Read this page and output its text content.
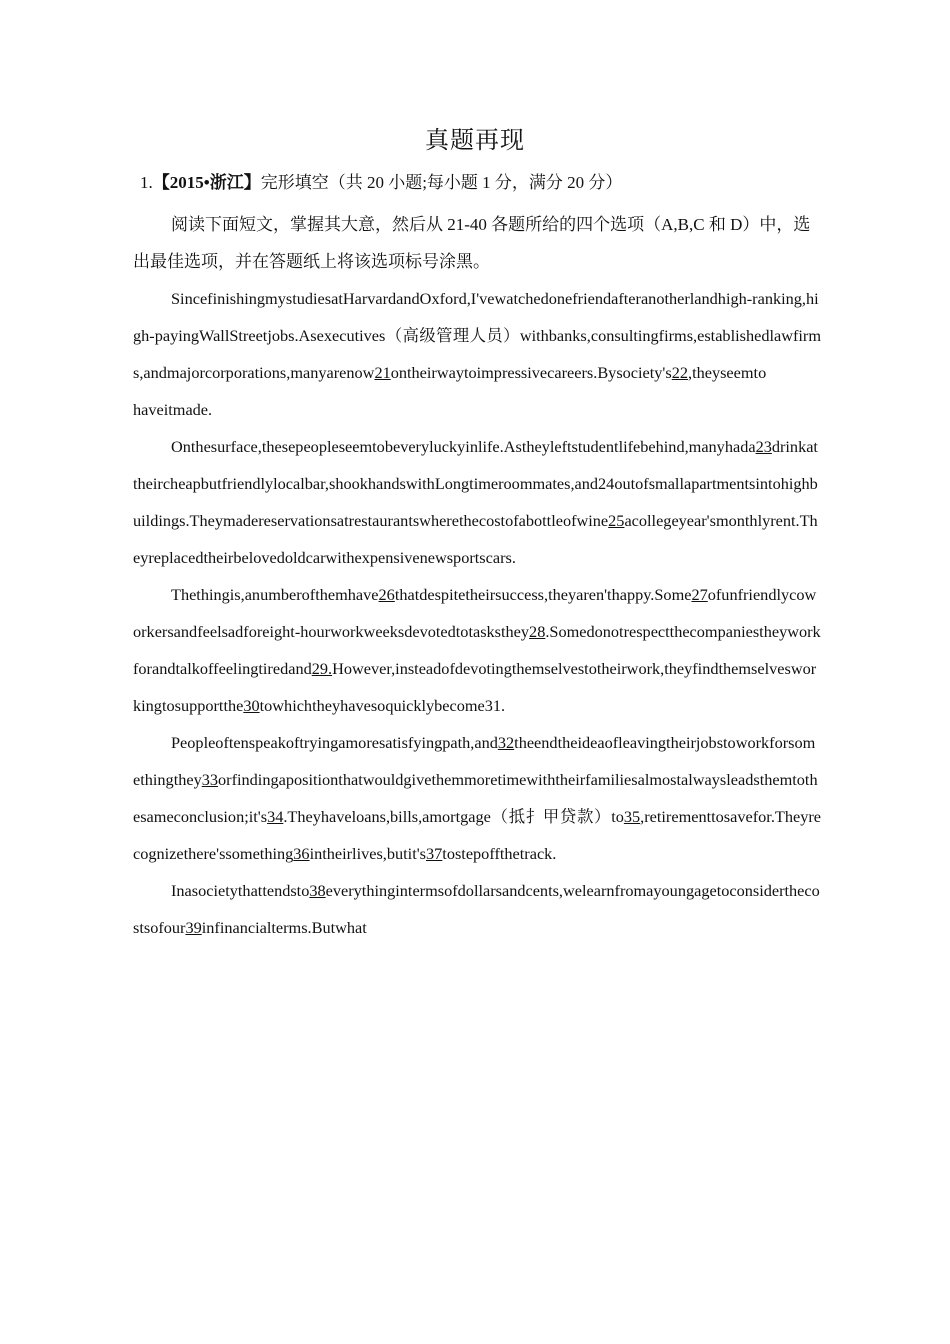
真题再现
1.【2015•浙江】完形填空（共 20 小题;每小题 1 分，满分 20 分）
阅读下面短文，掌握其大意，然后从 21-40 各题所给的四个选项（A,B,C 和 D）中，选出最佳选项，并在答题纸上将该选项标号涂黑。

SincefinishingmystudiesatHarvardandOxford,I'vewatchedonefriendafteranotherlandhigh-ranking,high-payingWallStreetjobs.Asexecutives（高级管理人员）withbanks,consultingfirms,establishedlawfirms,andmajorcorporations,manyarenow21ontheirwaytoimpressivecareers.Bysociety's22,theyseemto

haveitmade.

Onthesurface,thesepeopleseemtobeveryluckyinlife.Astheyleftstudentlifebehind,manyhada23drinkattheircheapbutfriendlylocalbar,shookhandswithLongtimeroommates,and24outofsmallapartmentsintohighbuildings.Theymadereservationsatrestaurantswherethecostofabottleofwine25acollegeyear'smonthlyrent.Theyreplacedtheirbelovedoldcarwithexpensivenewsportscars.

Thethingis,anumberofthemhave26thatdespitetheirsuccess,theyaren'thappy.Some27ofunfriendlycoworkersandfeelsadforeight-hourworkweeksdevotedtotasksthey28.Somedonotrespectthecompaniestheyworkforandtalkoffeelingtiredand29.However,insteadofdevotingthemselvestotheirwork,theyfindthemselvesworkingtosupportthe30towhichtheyhavesoquicklybecome31.

Peopleoftenspeakoftryingamoresatisfyingpath,and32theendtheideaofleavingtheirjobstoworkforsomethingthey33orfindingapositionthatwouldgivethemmoretimewiththeirfamiliesalmostalwaysleadsthemtothesameconclusion;it's34.Theyhaveloans,bills,amortgage（抵扌甲贷款）to35,retirementtosavefor.Theyrecognizethere'ssomething36intheirlives,butit's37tostepoffthetrack.

Inasocietythattendsto38everythingintermsofdollarsandcents,welearnfromayoungagetoconsiderthecostsofour39infinancialterms.Butwhat
